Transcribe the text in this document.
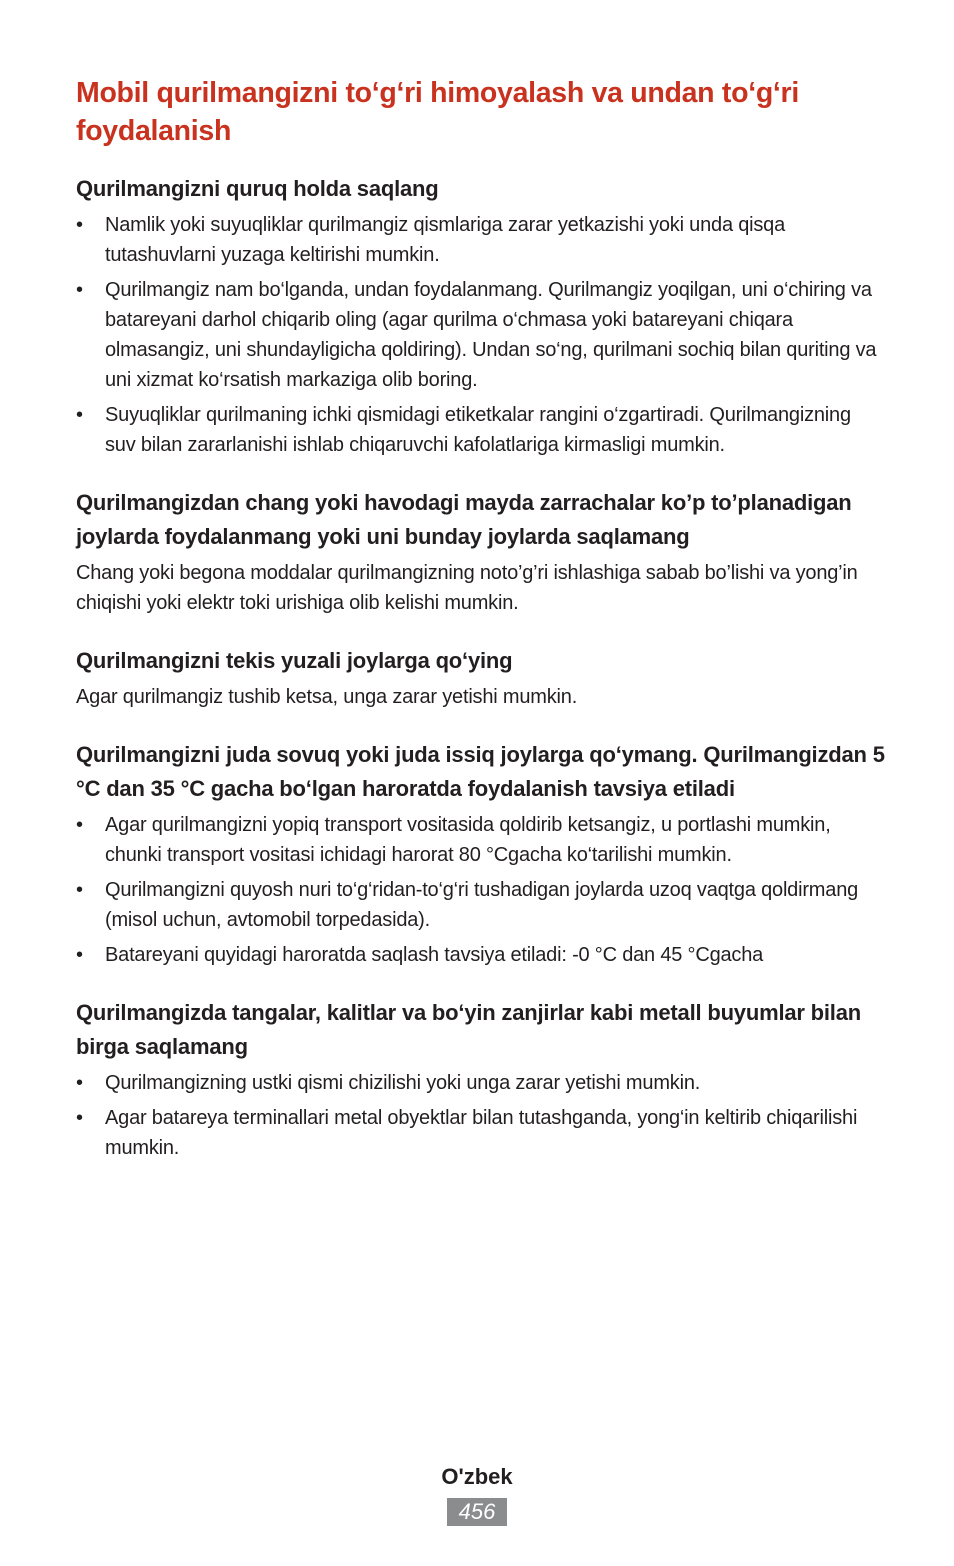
Mobil qurilmangizni to‘g‘ri himoyalash va undan to‘g‘ri foydalanish
Qurilmangizni quruq holda saqlang
•	Namlik yoki suyuqliklar qurilmangiz qismlariga zarar yetkazishi yoki unda qisqa tutashuvlarni yuzaga keltirishi mumkin.
•	Qurilmangiz nam bo‘lganda, undan foydalanmang. Qurilmangiz yoqilgan, uni o‘chiring va batareyani darhol chiqarib oling (agar qurilma o‘chmasa yoki batareyani chiqara olmasangiz, uni shundayligicha qoldiring). Undan so‘ng, qurilmani sochiq bilan quriting va uni xizmat ko‘rsatish markaziga olib boring.
•	Suyuqliklar qurilmaning ichki qismidagi etiketkalar rangini o‘zgartiradi. Qurilmangizning suv bilan zararlanishi ishlab chiqaruvchi kafolatlariga kirmasligi mumkin.
Qurilmangizdan chang yoki havodagi mayda zarrachalar ko’p to’planadigan joylarda foydalanmang yoki uni bunday joylarda saqlamang

Chang yoki begona moddalar qurilmangizning noto’g’ri ishlashiga sabab bo’lishi va yong’in chiqishi yoki elektr toki urishiga olib kelishi mumkin.

Qurilmangizni tekis yuzali joylarga qo‘ying

Agar qurilmangiz tushib ketsa, unga zarar yetishi mumkin.

Qurilmangizni juda sovuq yoki juda issiq joylarga qo‘ymang. Qurilmangizdan 5 °C dan 35 °C gacha bo‘lgan haroratda foydalanish tavsiya etiladi
•	Agar qurilmangizni yopiq transport vositasida qoldirib ketsangiz, u portlashi mumkin, chunki transport vositasi ichidagi harorat 80 °Cgacha ko‘tarilishi mumkin.
•	Qurilmangizni quyosh nuri to‘g‘ridan-to‘g‘ri tushadigan joylarda uzoq vaqtga qoldirmang (misol uchun, avtomobil torpedasida).
•	Batareyani quyidagi haroratda saqlash tavsiya etiladi: -0 °C dan 45 °Cgacha
Qurilmangizda tangalar, kalitlar va bo‘yin zanjirlar kabi metall buyumlar bilan birga saqlamang
•	Qurilmangizning ustki qismi chizilishi yoki unga zarar yetishi mumkin.
•	Agar batareya terminallari metal obyektlar bilan tutashganda, yong‘in keltirib chiqarilishi mumkin.
O'zbek
456
